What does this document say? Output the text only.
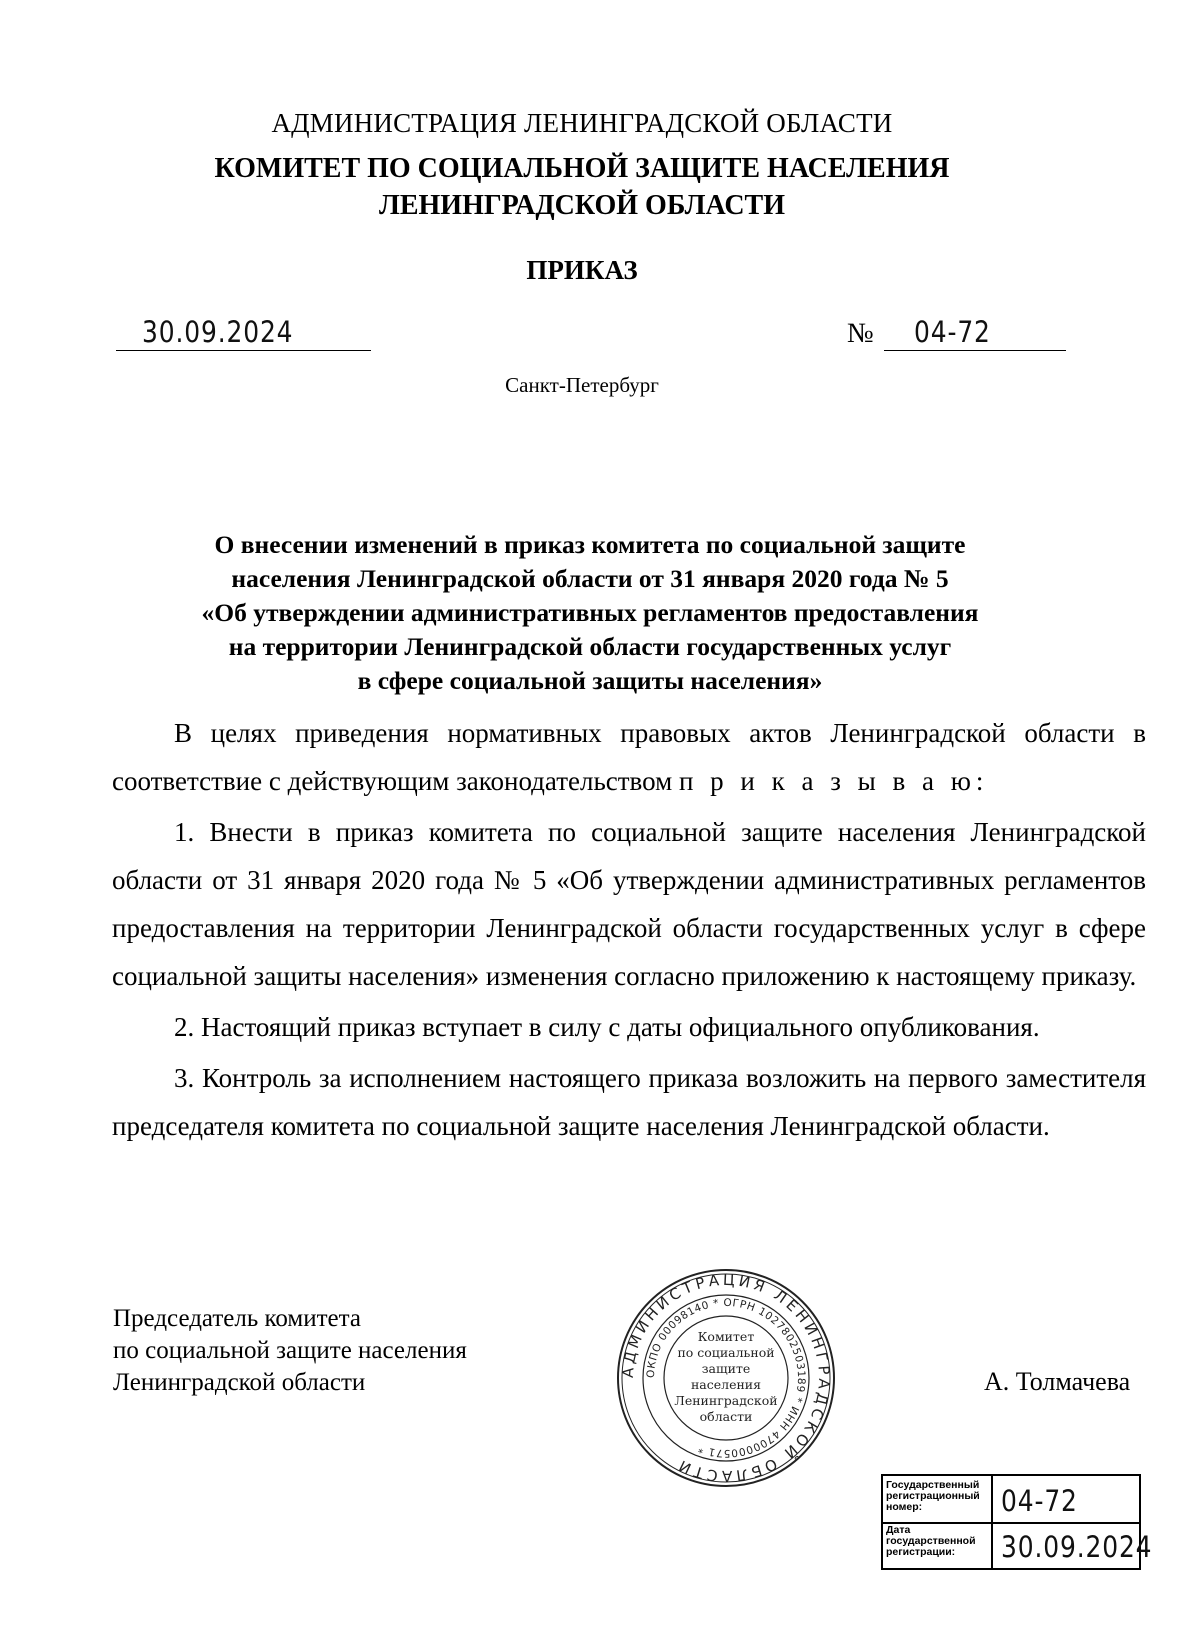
АДМИНИСТРАЦИЯ ЛЕНИНГРАДСКОЙ ОБЛАСТИ
КОМИТЕТ ПО СОЦИАЛЬНОЙ ЗАЩИТЕ НАСЕЛЕНИЯ
ЛЕНИНГРАДСКОЙ ОБЛАСТИ
ПРИКАЗ
30.09.2024	№ 04-72
Санкт-Петербург
О внесении изменений в приказ комитета по социальной защите
населения Ленинградской области от 31 января 2020 года № 5
«Об утверждении административных регламентов предоставления
на территории Ленинградской области государственных услуг
в сфере социальной защиты населения»

В целях приведения нормативных правовых актов Ленинградской области в соответствие с действующим законодательством п р и к а з ы в а ю:

1. Внести в приказ комитета по социальной защите населения Ленинградской области от 31 января 2020 года № 5 «Об утверждении административных регламентов предоставления на территории Ленинградской области государственных услуг в сфере социальной защиты населения» изменения согласно приложению к настоящему приказу.

2. Настоящий приказ вступает в силу с даты официального опубликования.

3. Контроль за исполнением настоящего приказа возложить на первого заместителя председателя комитета по социальной защите населения Ленинградской области.

Председатель комитета
по социальной защите населения
Ленинградской области	А. Толмачева
АДМИНИСТРАЦИЯ ЛЕНИНГРАДСКОЙ ОБЛАСТИ
ОКПО 00098140 * ОГРН 1027802503189 * ИНН 4700000571 *
Комитет
по социальной
защите
населения
Ленинградской
области
Государственный регистрационный номер:	04-72
Дата государственной регистрации:	30.09.2024
